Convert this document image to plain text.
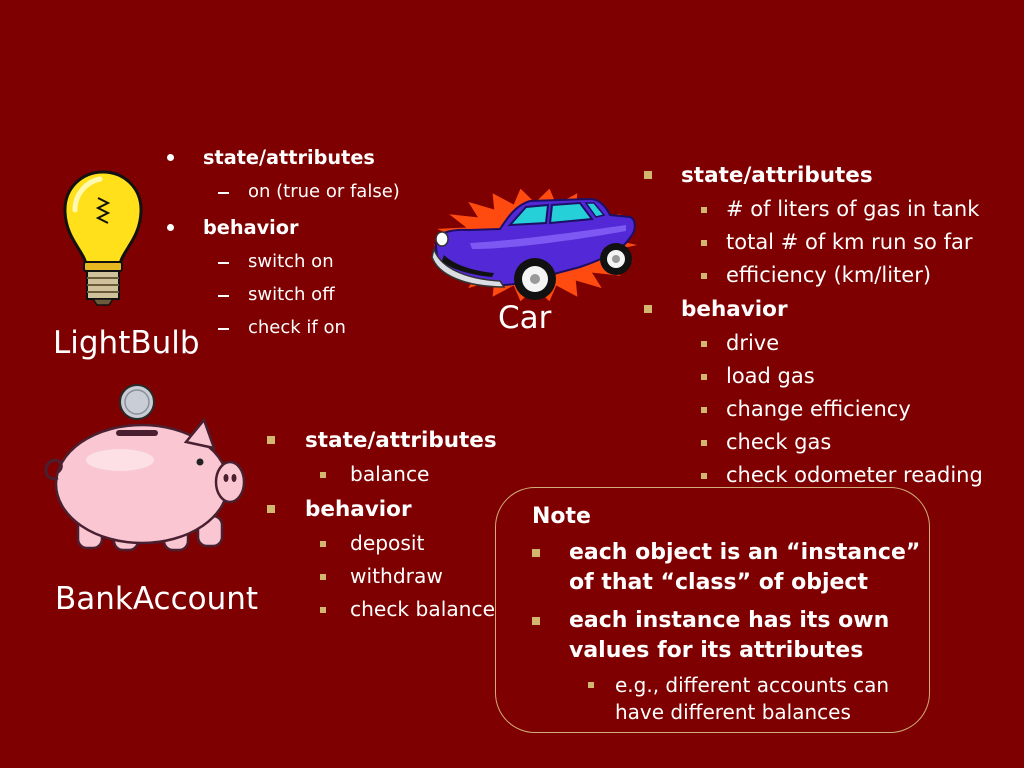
LightBulb
state/attributes
on (true or false)
behavior
switch on
switch off
check if on	Car
state/attributes
# of liters of gas in tank
total # of km run so far
efficiency (km/liter)
behavior
drive
load gas
change efficiency
check gas
check odometer reading
BankAccount
state/attributes
balance
behavior
deposit
withdraw
check balance
Note
each object is an “instance” of that “class” of object
each instance has its own values for its attributes
e.g., different accounts can have different balances
